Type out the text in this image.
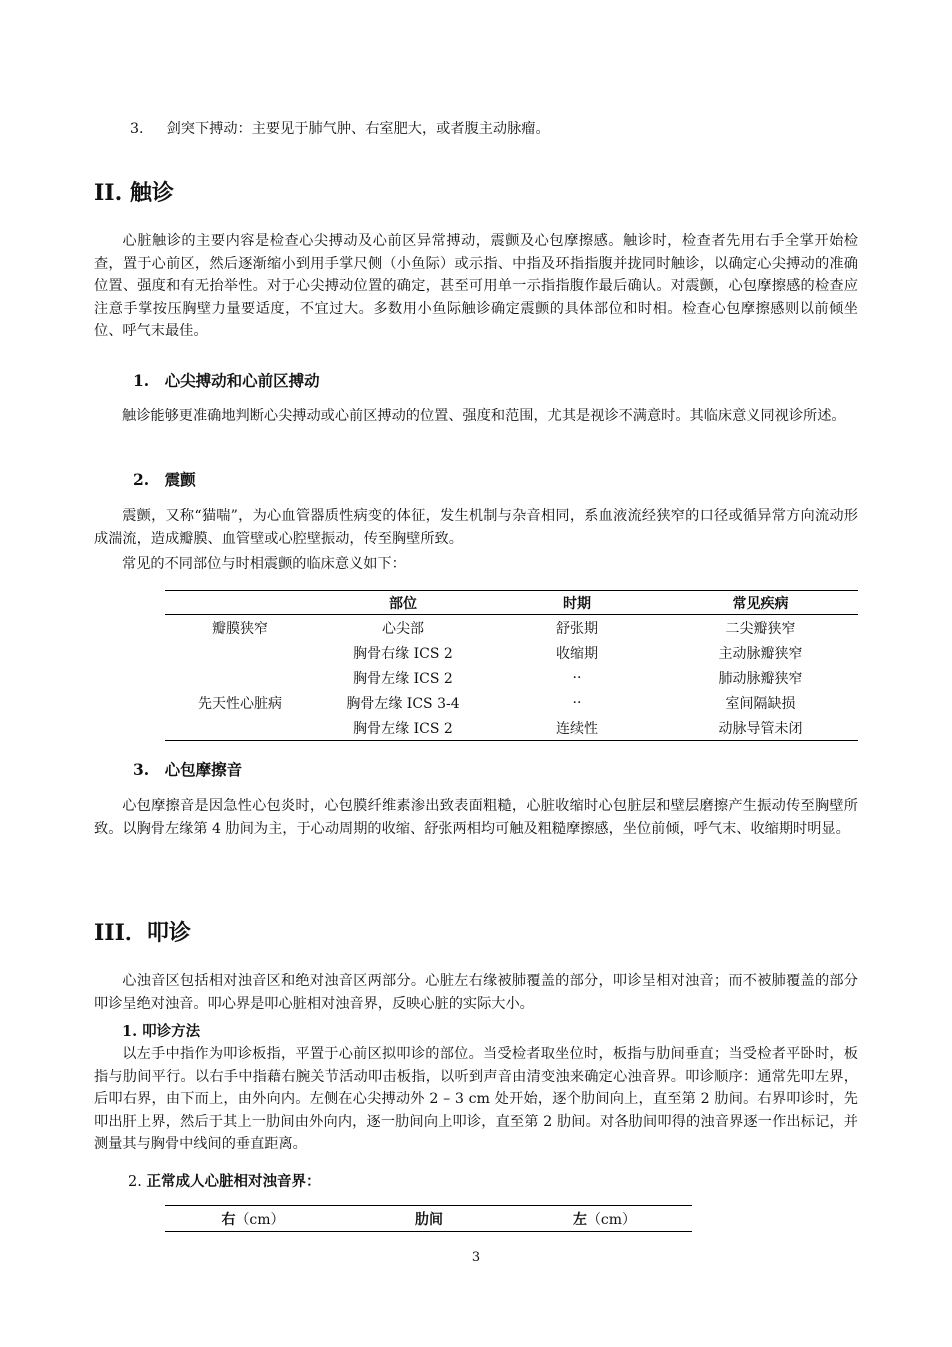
3. 剑突下搏动：主要见于肺气肿、右室肥大，或者腹主动脉瘤。
II. 触诊

心脏触诊的主要内容是检查心尖搏动及心前区异常搏动，震颤及心包摩擦感。触诊时，检查者先用右手全掌开始检查，置于心前区，然后逐渐缩小到用手掌尺侧（小鱼际）或示指、中指及环指指腹并拢同时触诊，以确定心尖搏动的准确位置、强度和有无抬举性。对于心尖搏动位置的确定，甚至可用单一示指指腹作最后确认。对震颤，心包摩擦感的检查应注意手掌按压胸壁力量要适度，不宜过大。多数用小鱼际触诊确定震颤的具体部位和时相。检查心包摩擦感则以前倾坐位、呼气末最佳。

1.　心尖搏动和心前区搏动

触诊能够更准确地判断心尖搏动或心前区搏动的位置、强度和范围，尤其是视诊不满意时。其临床意义同视诊所述。

2.　震颤

震颤，又称“猫喘”，为心血管器质性病变的体征，发生机制与杂音相同，系血液流经狭窄的口径或循异常方向流动形成湍流，造成瓣膜、血管壁或心腔壁振动，传至胸壁所致。

常见的不同部位与时相震颤的临床意义如下：

	部位	时期	常见疾病
瓣膜狭窄	心尖部	舒张期	二尖瓣狭窄
	胸骨右缘 ICS 2	收缩期	主动脉瓣狭窄
	胸骨左缘 ICS 2	··	肺动脉瓣狭窄
先天性心脏病	胸骨左缘 ICS 3-4	··	室间隔缺损
	胸骨左缘 ICS 2	连续性	动脉导管未闭
3.　心包摩擦音

心包摩擦音是因急性心包炎时，心包膜纤维素渗出致表面粗糙，心脏收缩时心包脏层和壁层磨擦产生振动传至胸壁所致。以胸骨左缘第 4 肋间为主，于心动周期的收缩、舒张两相均可触及粗糙摩擦感，坐位前倾，呼气末、收缩期时明显。

III．叩诊

心浊音区包括相对浊音区和绝对浊音区两部分。心脏左右缘被肺覆盖的部分，叩诊呈相对浊音；而不被肺覆盖的部分叩诊呈绝对浊音。叩心界是叩心脏相对浊音界，反映心脏的实际大小。

1. 叩诊方法

以左手中指作为叩诊板指，平置于心前区拟叩诊的部位。当受检者取坐位时，板指与肋间垂直；当受检者平卧时，板指与肋间平行。以右手中指藉右腕关节活动叩击板指，以听到声音由清变浊来确定心浊音界。叩诊顺序：通常先叩左界，后叩右界，由下而上，由外向内。左侧在心尖搏动外 2 – 3 cm 处开始，逐个肋间向上，直至第 2 肋间。右界叩诊时，先叩出肝上界，然后于其上一肋间由外向内，逐一肋间向上叩诊，直至第 2 肋间。对各肋间叩得的浊音界逐一作出标记，并测量其与胸骨中线间的垂直距离。

2. 正常成人心脏相对浊音界：
右（cm）	肋间	左（cm）
3
